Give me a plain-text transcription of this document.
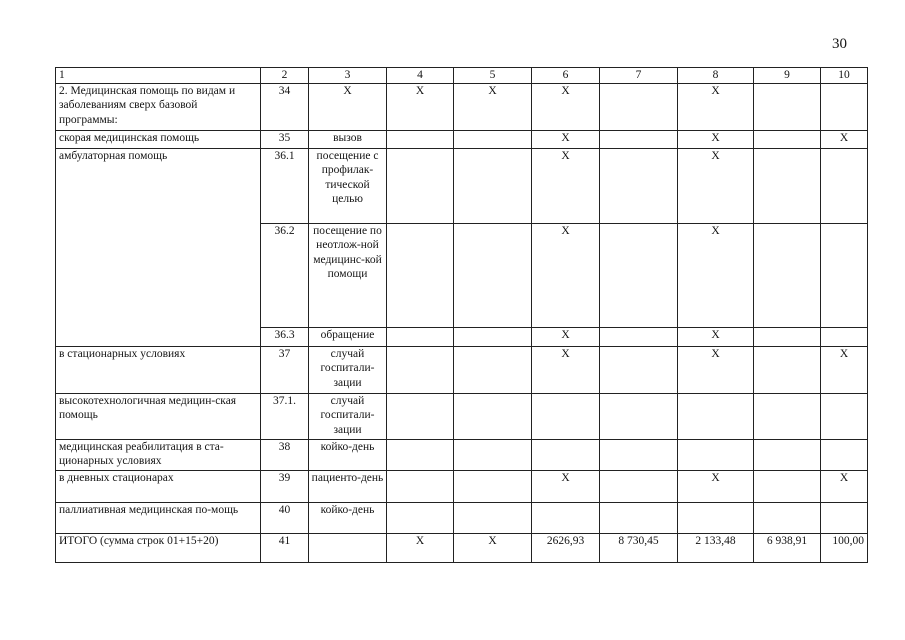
30
1	2	3	4	5	6	7	8	9	10
2. Медицинская помощь по видам и заболеваниям сверх базовой программы:	34	Х	Х	Х	Х		Х		
скорая медицинская помощь	35	вызов			Х		Х		Х
амбулаторная помощь	36.1	посещение с профилак-тической целью			Х		Х		
	36.2	посещение по неотлож-ной медицинс-кой помощи			Х		Х		
	36.3	обращение			Х		Х		
в стационарных условиях	37	случай госпитали-зации			Х		Х		Х
высокотехнологичная медицин-ская помощь	37.1.	случай госпитали-зации							
медицинская реабилитация в ста-ционарных условиях	38	койко-день							
в дневных стационарах	39	пациенто-день			Х		Х		Х
паллиативная медицинская по-мощь	40	койко-день							
ИТОГО (сумма строк 01+15+20)	41		Х	Х	2626,93	8 730,45	2 133,48	6 938,91	100,00
